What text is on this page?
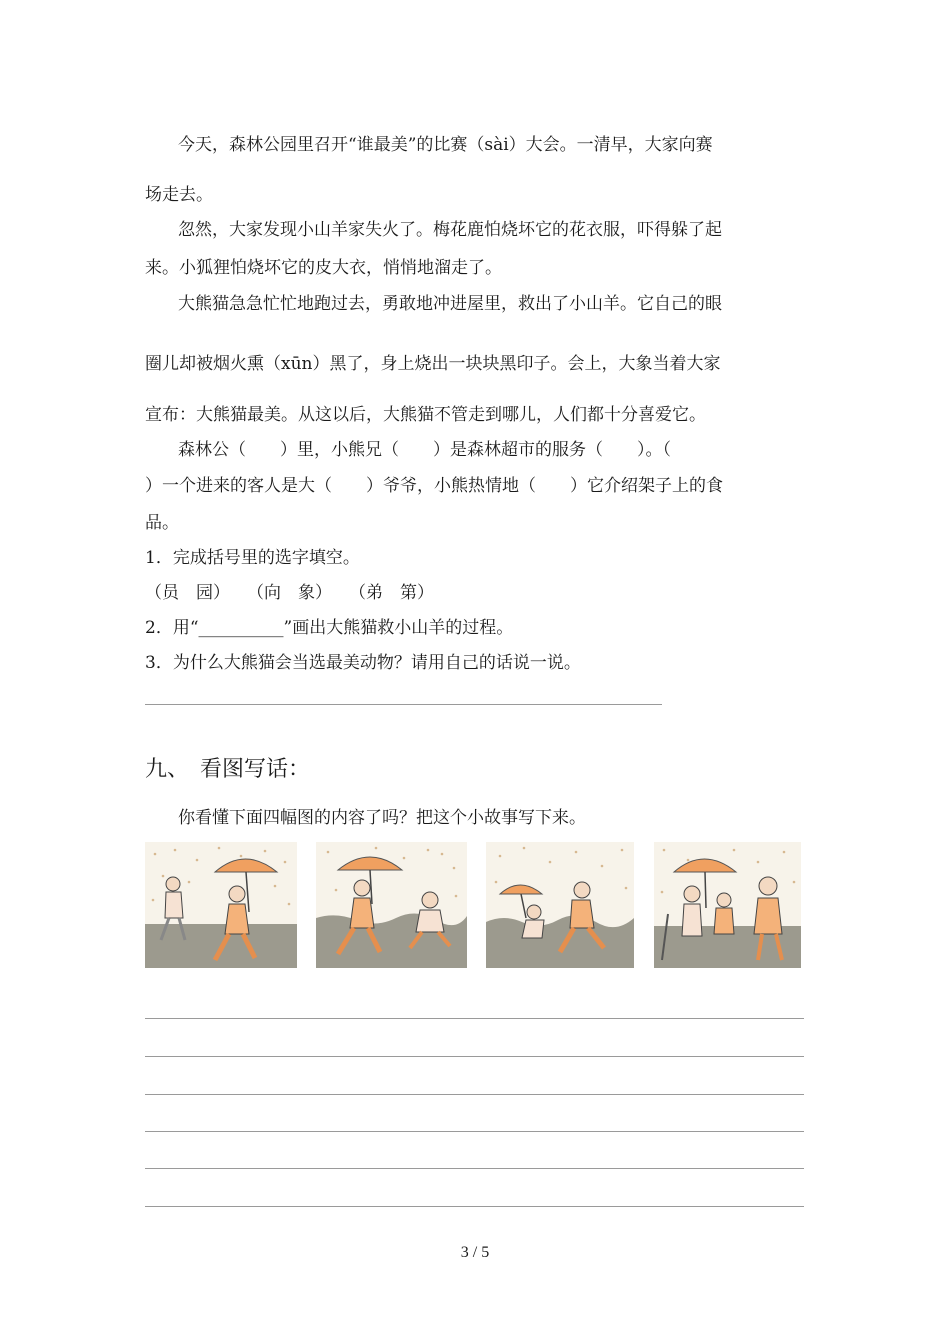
今天，森林公园里召开“谁最美”的比赛（sài）大会。一清早，大家向赛
场走去。
忽然，大家发现小山羊家失火了。梅花鹿怕烧坏它的花衣服，吓得躲了起
来。小狐狸怕烧坏它的皮大衣，悄悄地溜走了。
大熊猫急急忙忙地跑过去，勇敢地冲进屋里，救出了小山羊。它自己的眼
圈儿却被烟火熏（xūn）黑了，身上烧出一块块黑印子。会上，大象当着大家
宣布：大熊猫最美。从这以后，大熊猫不管走到哪儿，人们都十分喜爱它。
森林公（　　）里，小熊兄（　　）是森林超市的服务（　　）。（
）一个进来的客人是大（　　）爷爷，小熊热情地（　　）它介绍架子上的食
品。
1．完成括号里的选字填空。
（员　园）　　（向　象）　　（弟　第）
2．用“__________”画出大熊猫救小山羊的过程。
3．为什么大熊猫会当选最美动物？请用自己的话说一说。
九、　看图写话：
你看懂下面四幅图的内容了吗？把这个小故事写下来。
3 / 5
